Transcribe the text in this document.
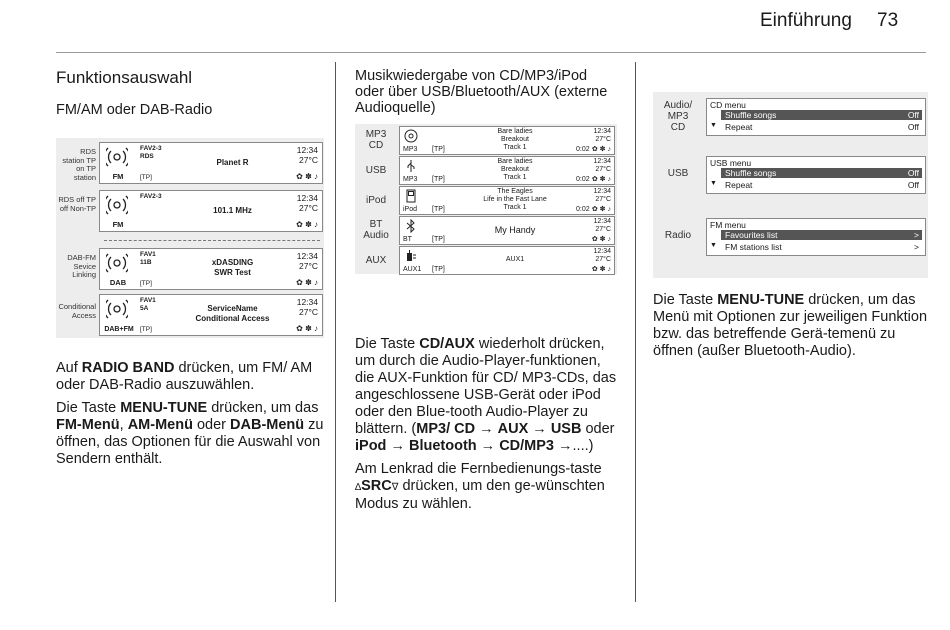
Einführung 73
Funktionsauswahl
FM/AM oder DAB-Radio
RDS station TP on TP station	FM
FAV2-3
RDS
[TP]
Planet R
12:34
27°C
✿ ✽ ♪
RDS off TP off Non-TP
FM
FAV2-3
101.1 MHz
12:34
27°C
✿ ✽ ♪
DAB-FM Sevice Linking
DAB
FAV1
11B
[TP]
xDASDING
SWR Test
12:34
27°C
✿ ✽ ♪
Conditional Access
DAB+FM
FAV1
5A
[TP]
ServiceName
Conditional Access
12:34
27°C
✿ ✽ ♪

Auf RADIO BAND drücken, um FM/ AM oder DAB-Radio auszuwählen.

Die Taste MENU-TUNE drücken, um das FM-Menü, AM-Menü oder DAB-Menü zu öffnen, das Optionen für die Auswahl von Sendern enthält.

Musikwiedergabe von CD/MP3/iPod oder über USB/Bluetooth/AUX (externe Audioquelle)

MP3
CD	MP3 [TP]
Bare ladies
Breakout
Track 1	0:02
12:34
27°C
✿ ✽ ♪
USB
MP3 [TP]
Bare ladies
Breakout
Track 1	0:02
12:34
27°C
✿ ✽ ♪
iPod
iPod [TP]
The Eagles
Life in the Fast Lane
Track 1	0:02
12:34
27°C
✿ ✽ ♪
BT
Audio	BT	[TP]
My Handy
12:34
27°C
✿ ✽ ♪
AUX
AUX1 [TP]
AUX1
12:34
27°C
✿ ✽ ♪

Die Taste CD/AUX wiederholt drücken, um durch die Audio-Player-funktionen, die AUX-Funktion für CD/ MP3-CDs, das angeschlossene USB-Gerät oder iPod oder den Blue-tooth Audio-Player zu blättern. (MP3/ CD → AUX → USB oder iPod → Bluetooth → CD/MP3 →....)

Am Lenkrad die Fernbedienungs-taste ∆SRC∇ drücken, um den ge-wünschten Modus zu wählen.

Audio/
MP3
CD
CD menu
Shuffle songs	Off
▼ Repeat	Off
USB
USB menu
Shuffle songs	Off
▼ Repeat	Off
Radio
FM menu
Favourites list	>
▼ FM stations list	>

Die Taste MENU-TUNE drücken, um das Menü mit Optionen zur jeweiligen Funktion bzw. das betreffende Gerä-temenü zu öffnen (außer Bluetooth-Audio).
